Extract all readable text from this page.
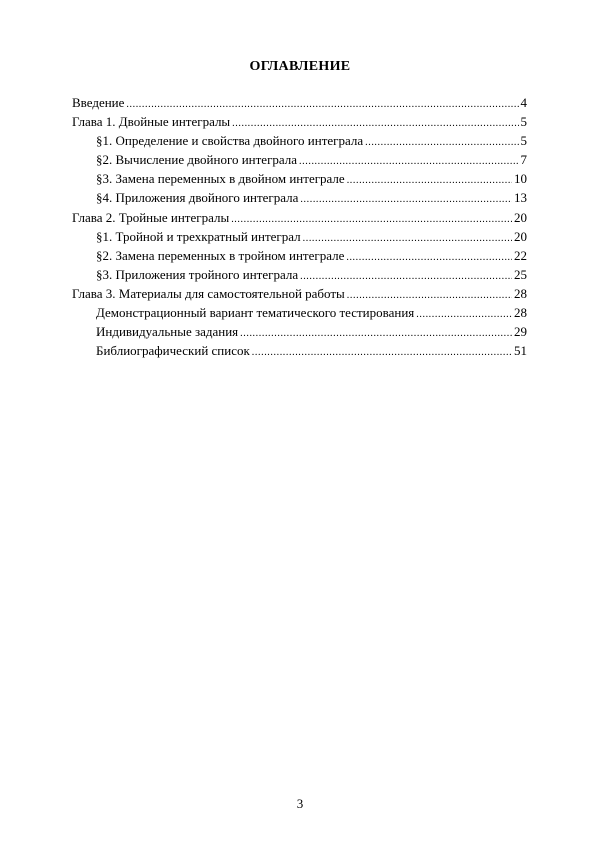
ОГЛАВЛЕНИЕ
Введение .....	4
Глава 1. Двойные интегралы .....	5
§1. Определение и свойства двойного интеграла .....	5
§2. Вычисление двойного интеграла .....	7
§3. Замена переменных в двойном интеграле .....	10
§4. Приложения двойного интеграла .....	13
Глава 2. Тройные интегралы .....	20
§1. Тройной и трехкратный интеграл .....	20
§2. Замена переменных в тройном интеграле .....	22
§3. Приложения тройного интеграла .....	25
Глава 3. Материалы для самостоятельной работы .....	28
Демонстрационный вариант тематического тестирования .....	28
Индивидуальные задания .....	29
Библиографический список .....	51
3
